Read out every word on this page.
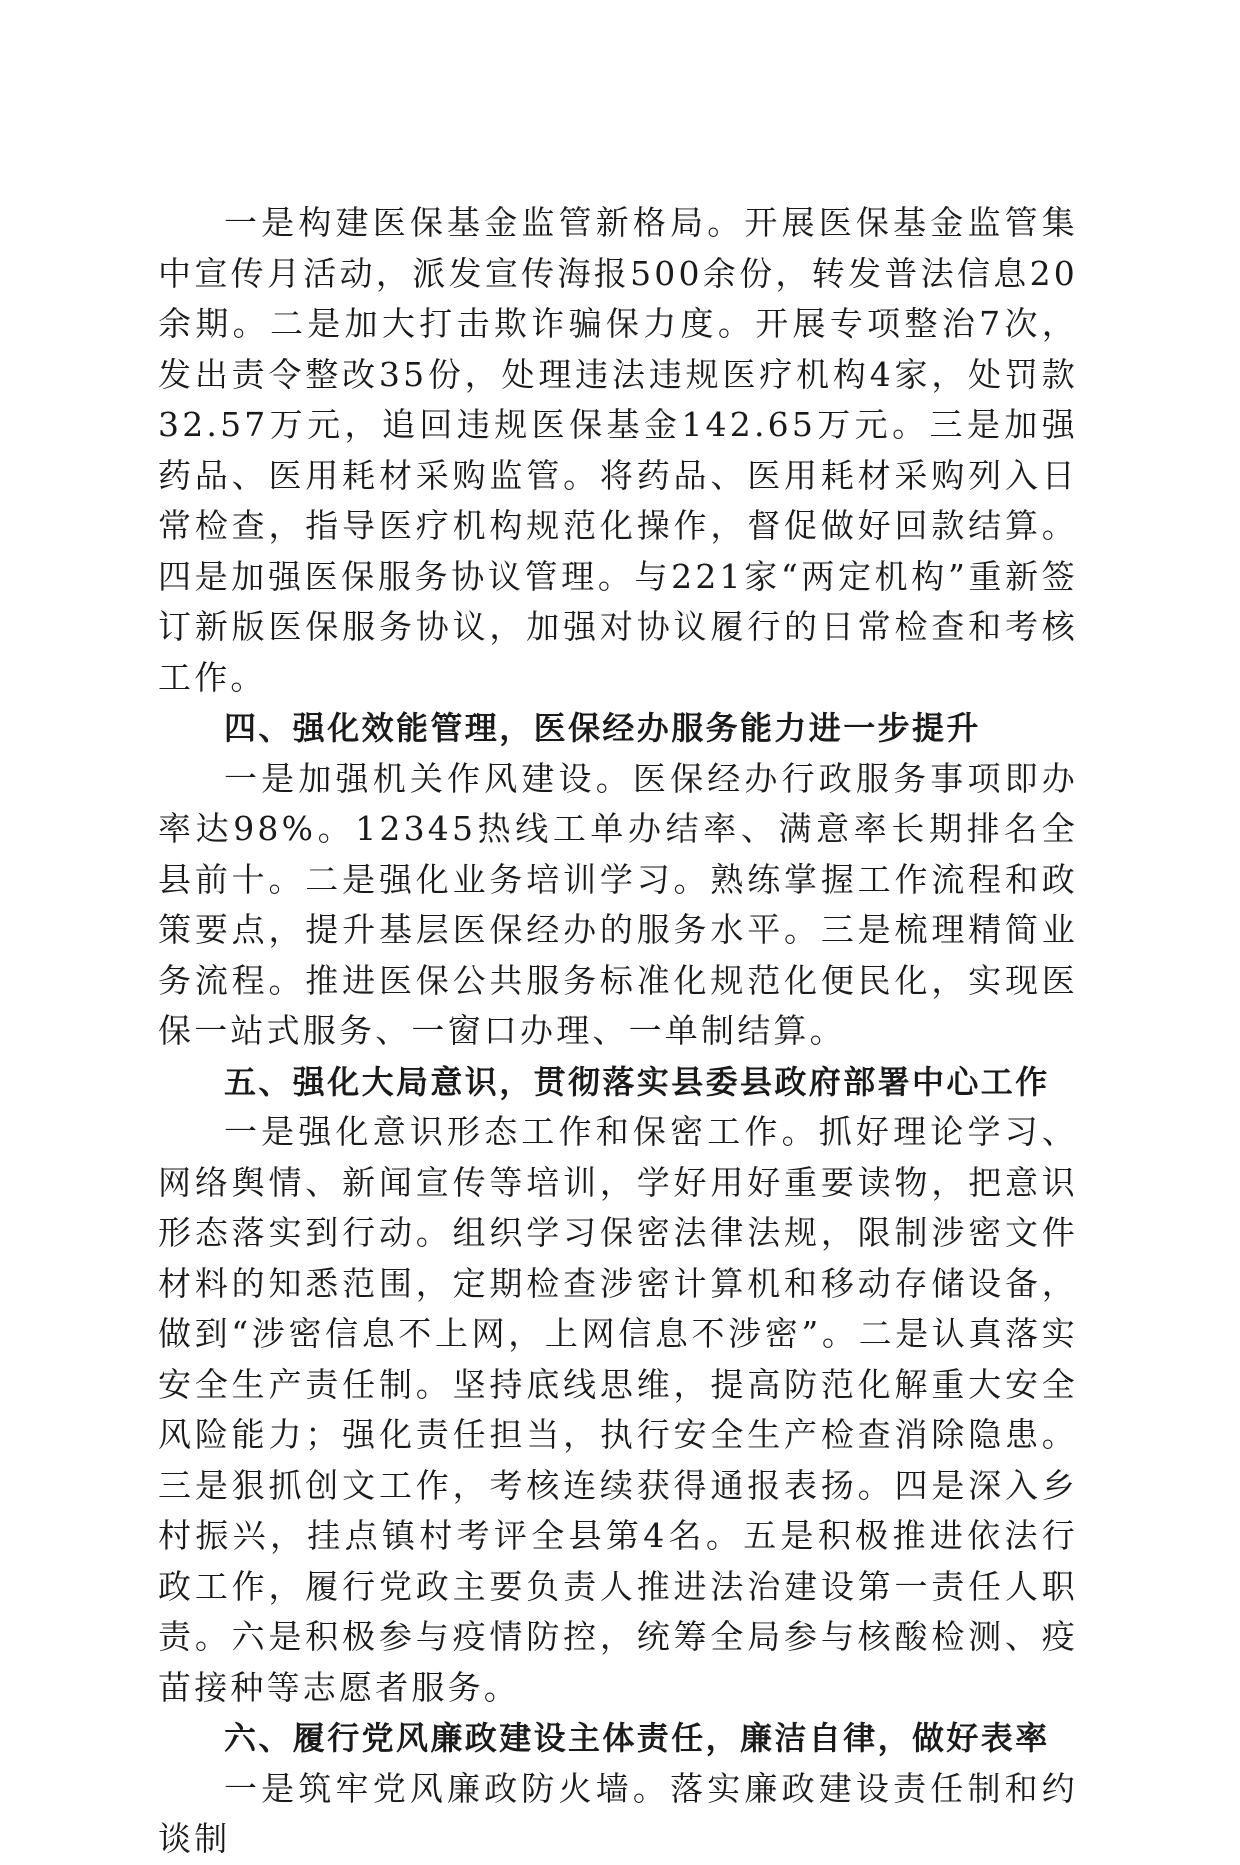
一是构建医保基金监管新格局。开展医保基金监管集中宣传月活动，派发宣传海报500余份，转发普法信息20余期。二是加大打击欺诈骗保力度。开展专项整治7次，发出责令整改35份，处理违法违规医疗机构4家，处罚款32.57万元，追回违规医保基金142.65万元。三是加强药品、医用耗材采购监管。将药品、医用耗材采购列入日常检查，指导医疗机构规范化操作，督促做好回款结算。四是加强医保服务协议管理。与221家“两定机构”重新签订新版医保服务协议，加强对协议履行的日常检查和考核工作。

四、强化效能管理，医保经办服务能力进一步提升

一是加强机关作风建设。医保经办行政服务事项即办率达98%。12345热线工单办结率、满意率长期排名全县前十。二是强化业务培训学习。熟练掌握工作流程和政策要点，提升基层医保经办的服务水平。三是梳理精简业务流程。推进医保公共服务标准化规范化便民化，实现医保一站式服务、一窗口办理、一单制结算。

五、强化大局意识，贯彻落实县委县政府部署中心工作

一是强化意识形态工作和保密工作。抓好理论学习、网络舆情、新闻宣传等培训，学好用好重要读物，把意识形态落实到行动。组织学习保密法律法规，限制涉密文件材料的知悉范围，定期检查涉密计算机和移动存储设备，做到“涉密信息不上网，上网信息不涉密”。二是认真落实安全生产责任制。坚持底线思维，提高防范化解重大安全风险能力；强化责任担当，执行安全生产检查消除隐患。三是狠抓创文工作，考核连续获得通报表扬。四是深入乡村振兴，挂点镇村考评全县第4名。五是积极推进依法行政工作，履行党政主要负责人推进法治建设第一责任人职责。六是积极参与疫情防控，统筹全局参与核酸检测、疫苗接种等志愿者服务。

六、履行党风廉政建设主体责任，廉洁自律，做好表率

一是筑牢党风廉政防火墙。落实廉政建设责任制和约谈制
